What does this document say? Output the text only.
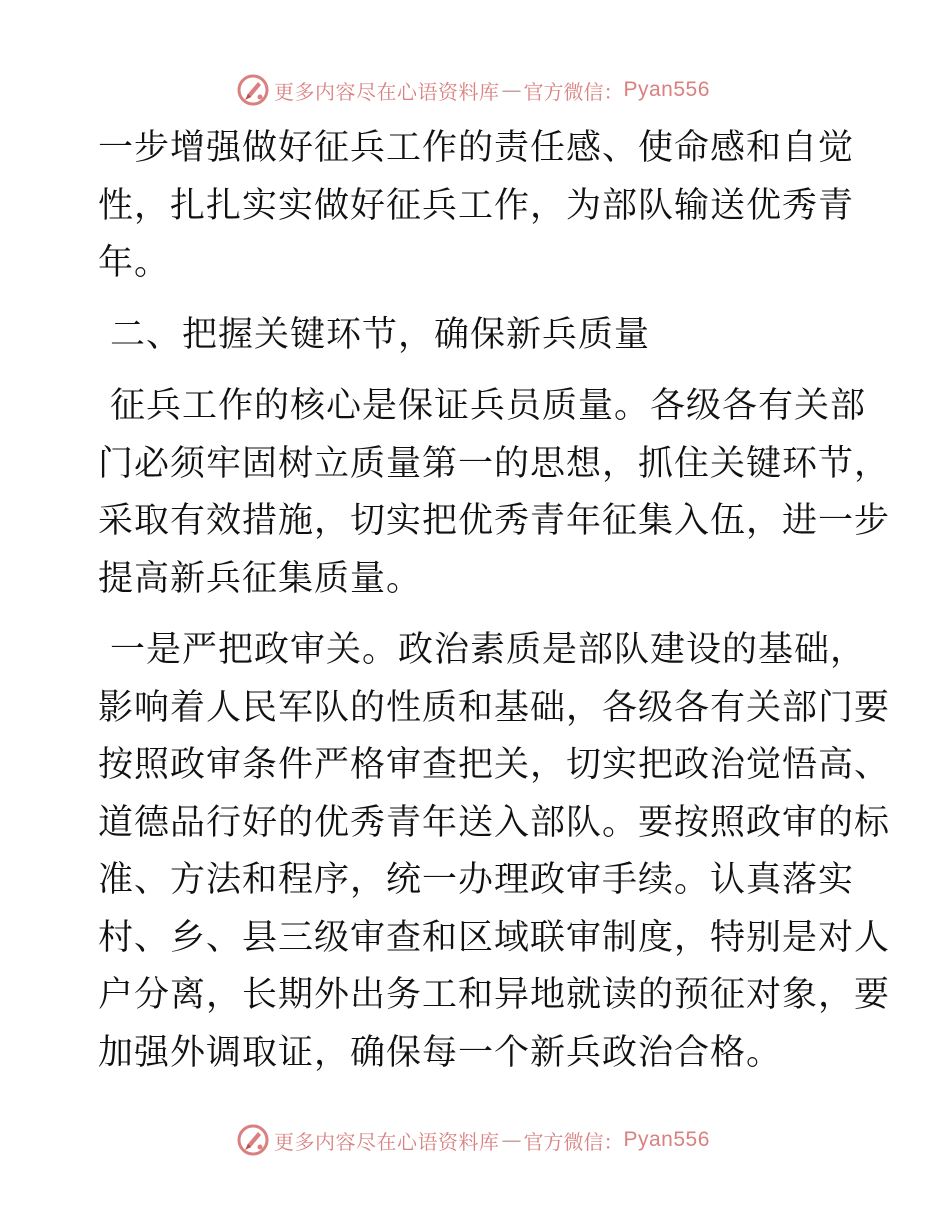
更多内容尽在心语资料库 — 官方微信： Pyan556

一步增强做好征兵工作的责任感、使命感和自觉
性，扎扎实实做好征兵工作，为部队输送优秀青
年。

二、把握关键环节，确保新兵质量

征兵工作的核心是保证兵员质量。各级各有关部
门必须牢固树立质量第一的思想，抓住关键环节，
采取有效措施，切实把优秀青年征集入伍，进一步
提高新兵征集质量。

一是严把政审关。政治素质是部队建设的基础，
影响着人民军队的性质和基础，各级各有关部门要
按照政审条件严格审查把关，切实把政治觉悟高、
道德品行好的优秀青年送入部队。要按照政审的标
准、方法和程序，统一办理政审手续。认真落实
村、乡、县三级审查和区域联审制度，特别是对人
户分离，长期外出务工和异地就读的预征对象，要
加强外调取证，确保每一个新兵政治合格。

更多内容尽在心语资料库 — 官方微信： Pyan556
